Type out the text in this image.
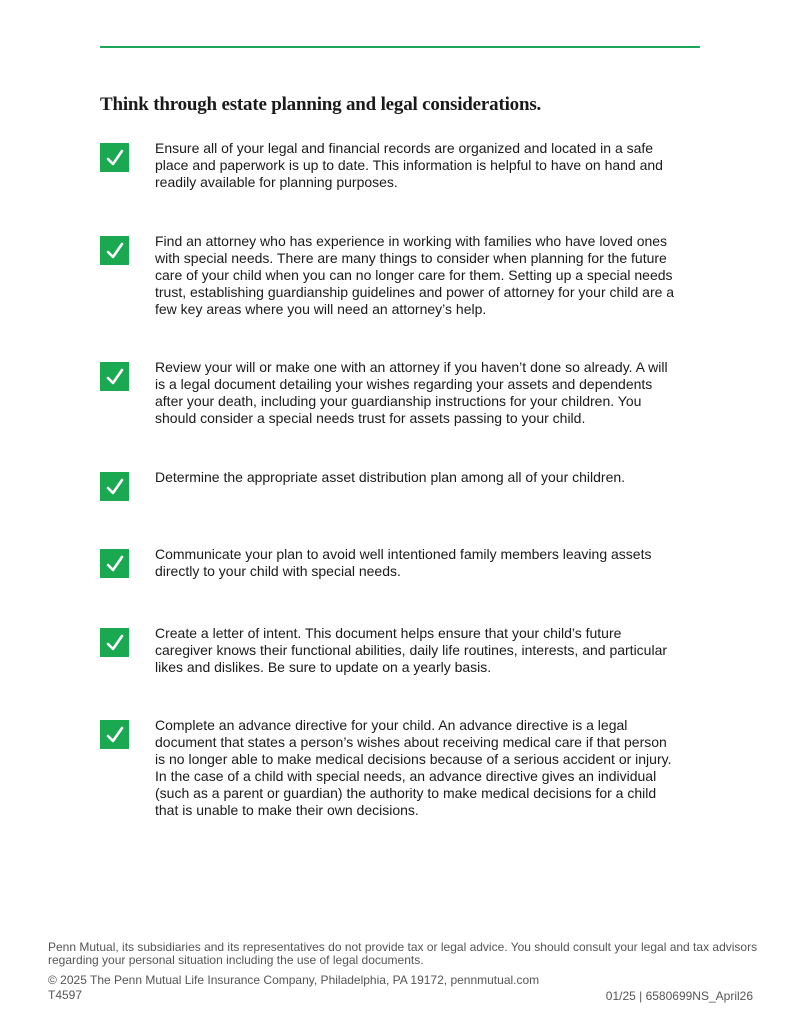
Think through estate planning and legal considerations.

Ensure all of your legal and financial records are organized and located in a safe place and paperwork is up to date. This information is helpful to have on hand and readily available for planning purposes.

Find an attorney who has experience in working with families who have loved ones with special needs. There are many things to consider when planning for the future care of your child when you can no longer care for them. Setting up a special needs trust, establishing guardianship guidelines and power of attorney for your child are a few key areas where you will need an attorney’s help.

Review your will or make one with an attorney if you haven’t done so already. A will is a legal document detailing your wishes regarding your assets and dependents after your death, including your guardianship instructions for your children. You should consider a special needs trust for assets passing to your child.

Determine the appropriate asset distribution plan among all of your children.

Communicate your plan to avoid well intentioned family members leaving assets directly to your child with special needs.

Create a letter of intent. This document helps ensure that your child’s future caregiver knows their functional abilities, daily life routines, interests, and particular likes and dislikes. Be sure to update on a yearly basis.

Complete an advance directive for your child. An advance directive is a legal document that states a person’s wishes about receiving medical care if that person is no longer able to make medical decisions because of a serious accident or injury. In the case of a child with special needs, an advance directive gives an individual (such as a parent or guardian) the authority to make medical decisions for a child that is unable to make their own decisions.

Penn Mutual, its subsidiaries and its representatives do not provide tax or legal advice. You should consult your legal and tax advisors regarding your personal situation including the use of legal documents.

© 2025 The Penn Mutual Life Insurance Company, Philadelphia, PA 19172, pennmutual.com

T4597	01/25 | 6580699NS_April26
